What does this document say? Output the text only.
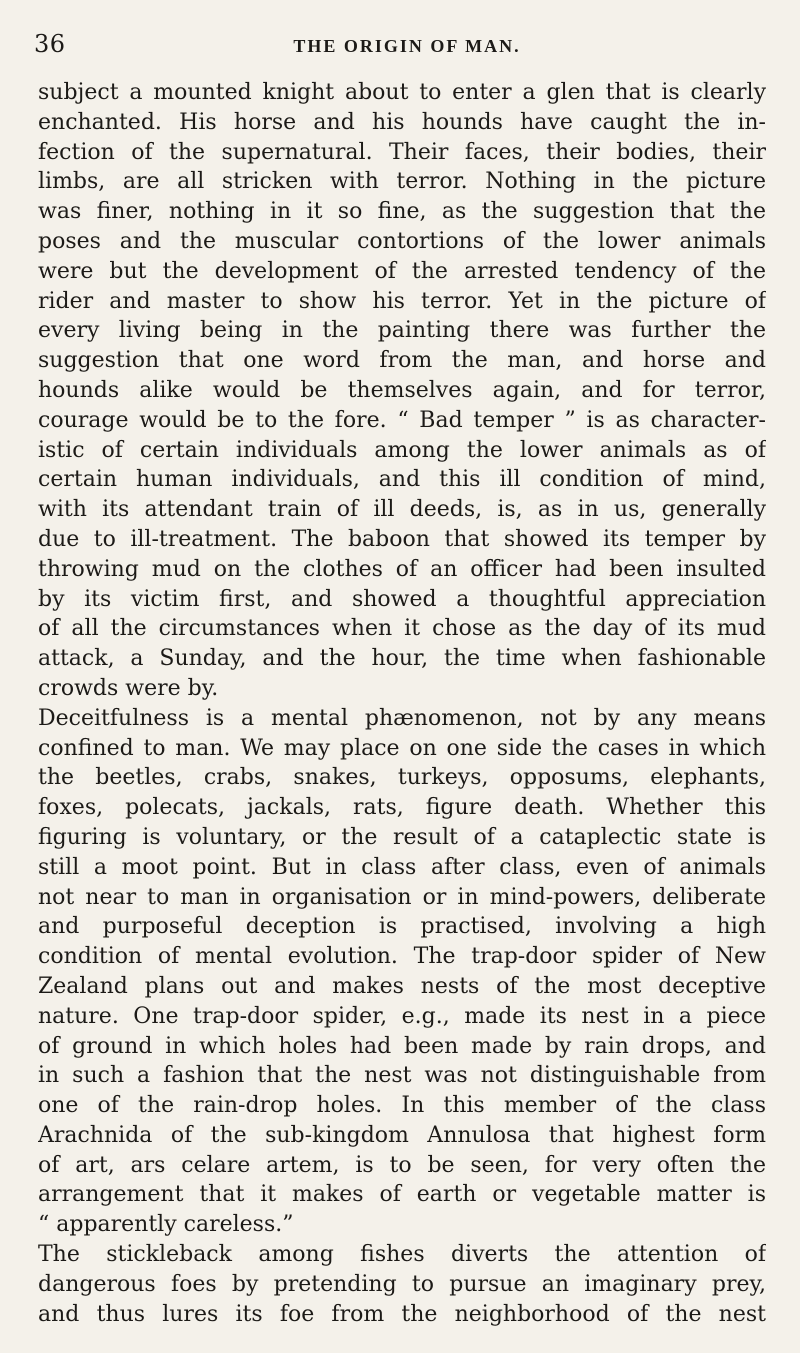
36	THE ORIGIN OF MAN.
subject a mounted knight about to enter a glen that is clearly
enchanted. His horse and his hounds have caught the in-
fection of the supernatural. Their faces, their bodies, their
limbs, are all stricken with terror. Nothing in the picture
was finer, nothing in it so fine, as the suggestion that the
poses and the muscular contortions of the lower animals
were but the development of the arrested tendency of the
rider and master to show his terror. Yet in the picture of
every living being in the painting there was further the
suggestion that one word from the man, and horse and
hounds alike would be themselves again, and for terror,
courage would be to the fore. “ Bad temper ” is as character-
istic of certain individuals among the lower animals as of
certain human individuals, and this ill condition of mind,
with its attendant train of ill deeds, is, as in us, generally
due to ill-treatment. The baboon that showed its temper by
throwing mud on the clothes of an officer had been insulted
by its victim first, and showed a thoughtful appreciation
of all the circumstances when it chose as the day of its mud
attack, a Sunday, and the hour, the time when fashionable
crowds were by.
Deceitfulness is a mental phænomenon, not by any means
confined to man. We may place on one side the cases in which
the beetles, crabs, snakes, turkeys, opposums, elephants,
foxes, polecats, jackals, rats, figure death. Whether this
figuring is voluntary, or the result of a cataplectic state is
still a moot point. But in class after class, even of animals
not near to man in organisation or in mind-powers, deliberate
and purposeful deception is practised, involving a high
condition of mental evolution. The trap-door spider of New
Zealand plans out and makes nests of the most deceptive
nature. One trap-door spider, e.g., made its nest in a piece
of ground in which holes had been made by rain drops, and
in such a fashion that the nest was not distinguishable from
one of the rain-drop holes. In this member of the class
Arachnida of the sub-kingdom Annulosa that highest form
of art, ars celare artem, is to be seen, for very often the
arrangement that it makes of earth or vegetable matter is
“ apparently careless.”
The stickleback among fishes diverts the attention of
dangerous foes by pretending to pursue an imaginary prey,
and thus lures its foe from the neighborhood of the nest
